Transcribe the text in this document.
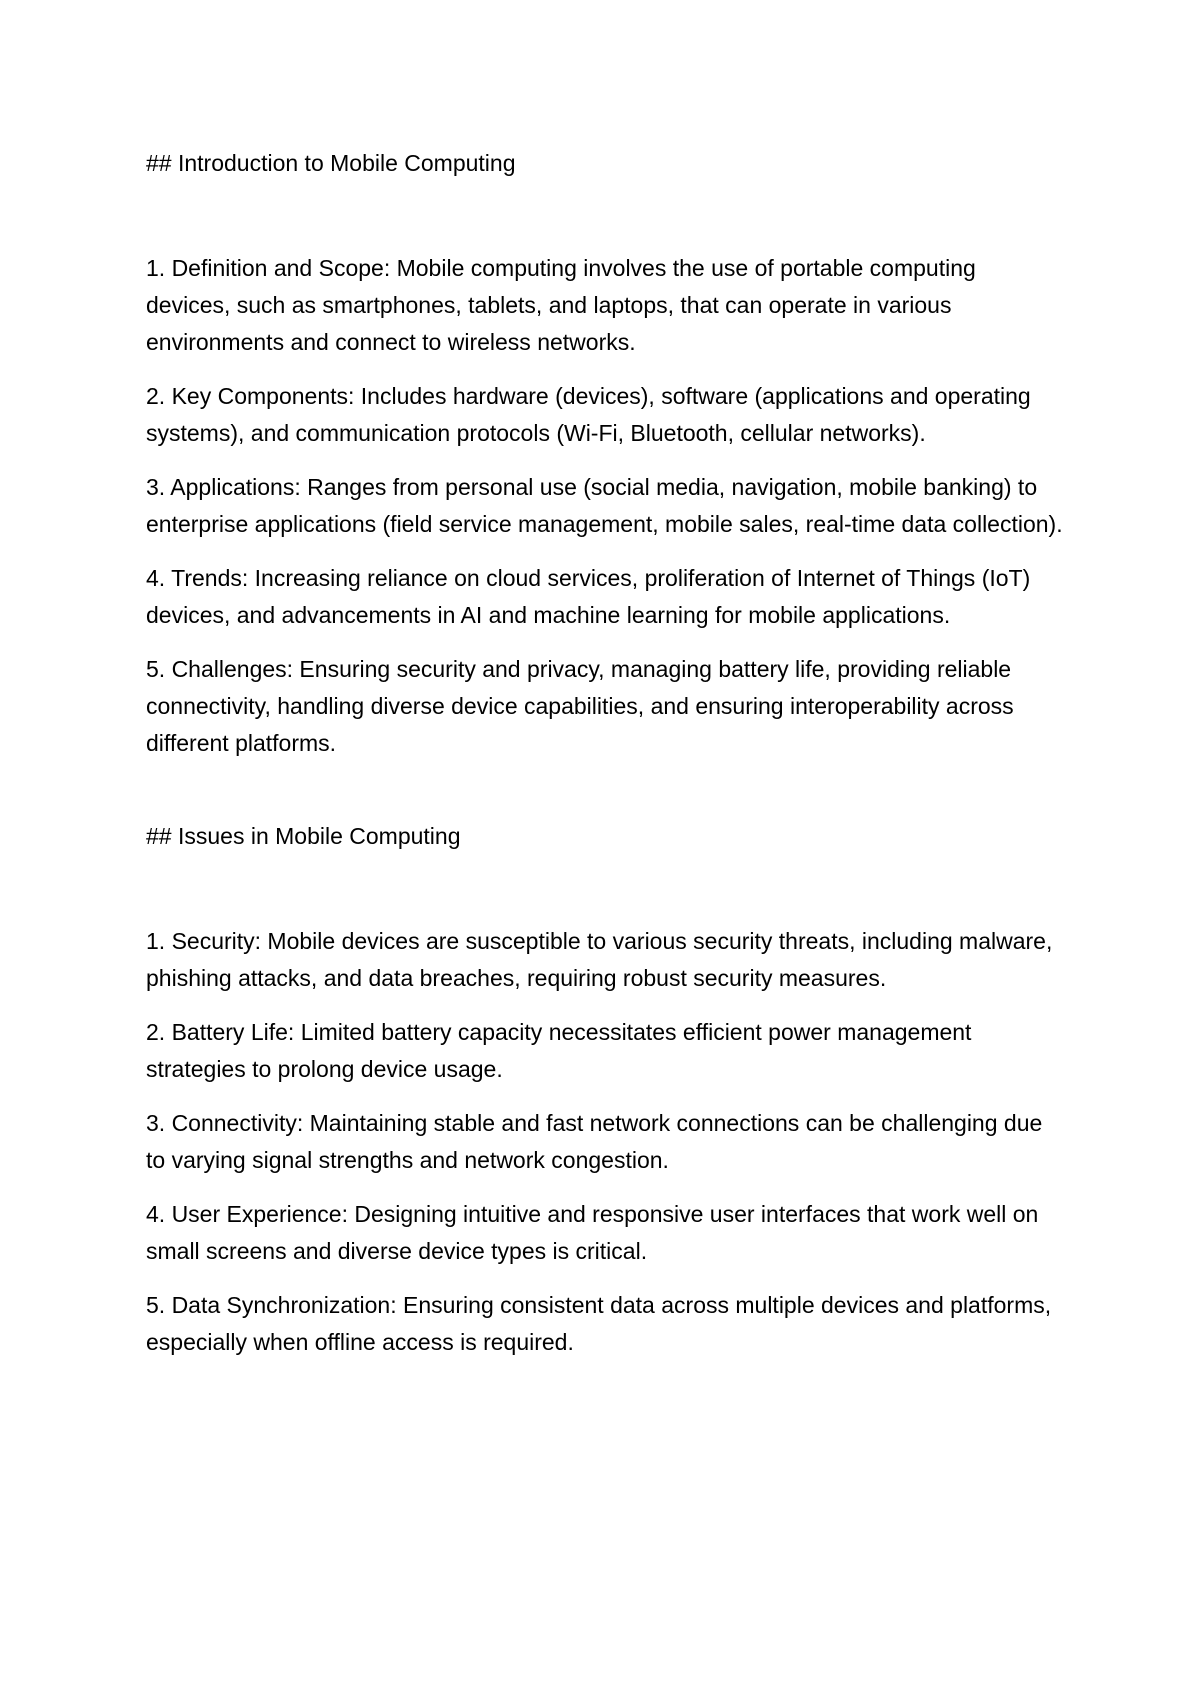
## Introduction to Mobile Computing

1. Definition and Scope: Mobile computing involves the use of portable computing devices, such as smartphones, tablets, and laptops, that can operate in various environments and connect to wireless networks.

2. Key Components: Includes hardware (devices), software (applications and operating systems), and communication protocols (Wi-Fi, Bluetooth, cellular networks).

3. Applications: Ranges from personal use (social media, navigation, mobile banking) to enterprise applications (field service management, mobile sales, real-time data collection).

4. Trends: Increasing reliance on cloud services, proliferation of Internet of Things (IoT) devices, and advancements in AI and machine learning for mobile applications.

5. Challenges: Ensuring security and privacy, managing battery life, providing reliable connectivity, handling diverse device capabilities, and ensuring interoperability across different platforms.

## Issues in Mobile Computing

1. Security: Mobile devices are susceptible to various security threats, including malware, phishing attacks, and data breaches, requiring robust security measures.

2. Battery Life: Limited battery capacity necessitates efficient power management strategies to prolong device usage.

3. Connectivity: Maintaining stable and fast network connections can be challenging due to varying signal strengths and network congestion.

4. User Experience: Designing intuitive and responsive user interfaces that work well on small screens and diverse device types is critical.

5. Data Synchronization: Ensuring consistent data across multiple devices and platforms, especially when offline access is required.
